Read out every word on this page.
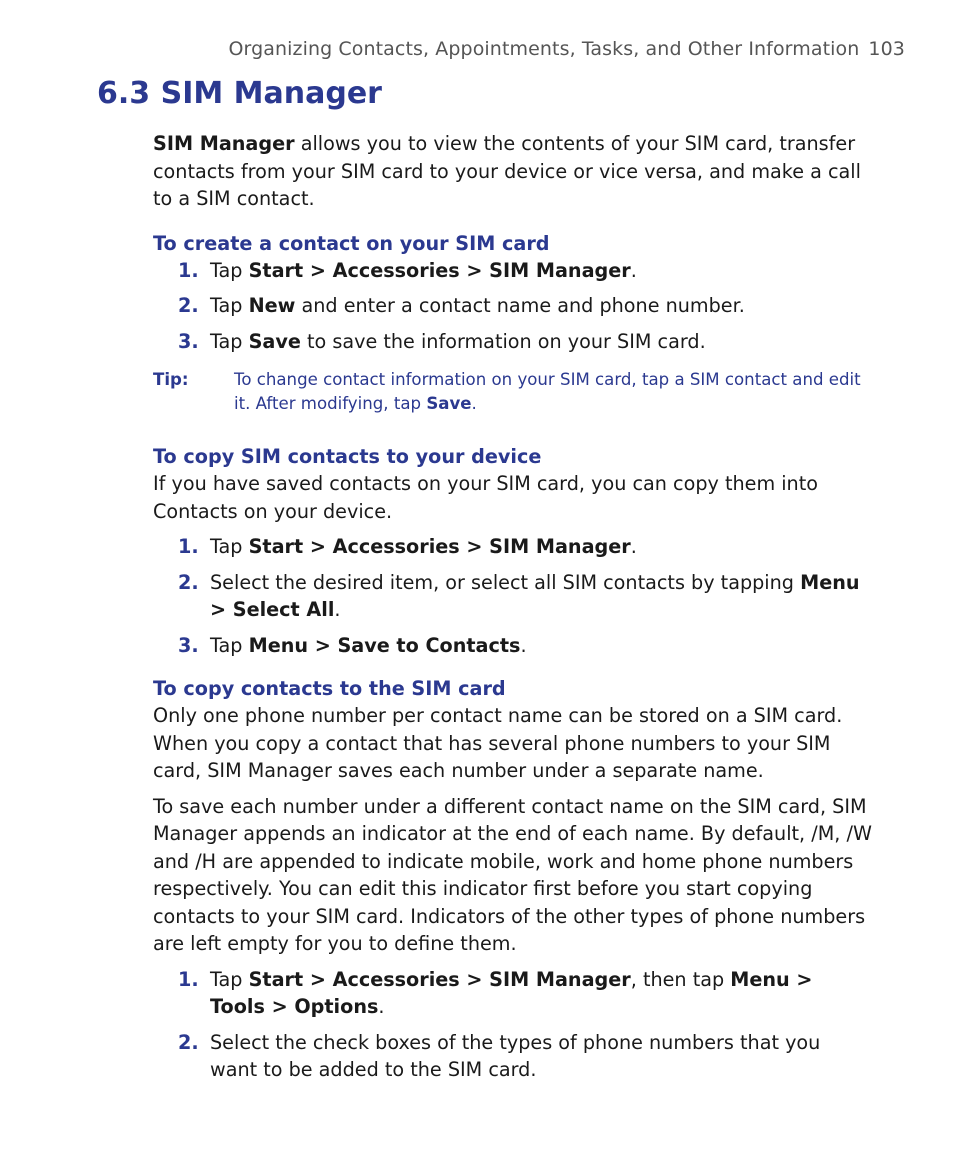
Organizing Contacts, Appointments, Tasks, and Other Information 103
6.3 SIM Manager

SIM Manager allows you to view the contents of your SIM card, transfer contacts from your SIM card to your device or vice versa, and make a call to a SIM contact.

To create a contact on your SIM card

1. Tap Start > Accessories > SIM Manager.
2. Tap New and enter a contact name and phone number.
3. Tap Save to save the information on your SIM card.
Tip:	To change contact information on your SIM card, tap a SIM contact and edit it. After modifying, tap Save.

To copy SIM contacts to your device

If you have saved contacts on your SIM card, you can copy them into Contacts on your device.

1. Tap Start > Accessories > SIM Manager.
2. Select the desired item, or select all SIM contacts by tapping Menu > Select All.
3. Tap Menu > Save to Contacts.

To copy contacts to the SIM card

Only one phone number per contact name can be stored on a SIM card. When you copy a contact that has several phone numbers to your SIM card, SIM Manager saves each number under a separate name.

To save each number under a different contact name on the SIM card, SIM Manager appends an indicator at the end of each name. By default, /M, /W and /H are appended to indicate mobile, work and home phone numbers respectively. You can edit this indicator first before you start copying contacts to your SIM card. Indicators of the other types of phone numbers are left empty for you to define them.

1. Tap Start > Accessories > SIM Manager, then tap Menu > Tools > Options.
2. Select the check boxes of the types of phone numbers that you want to be added to the SIM card.
